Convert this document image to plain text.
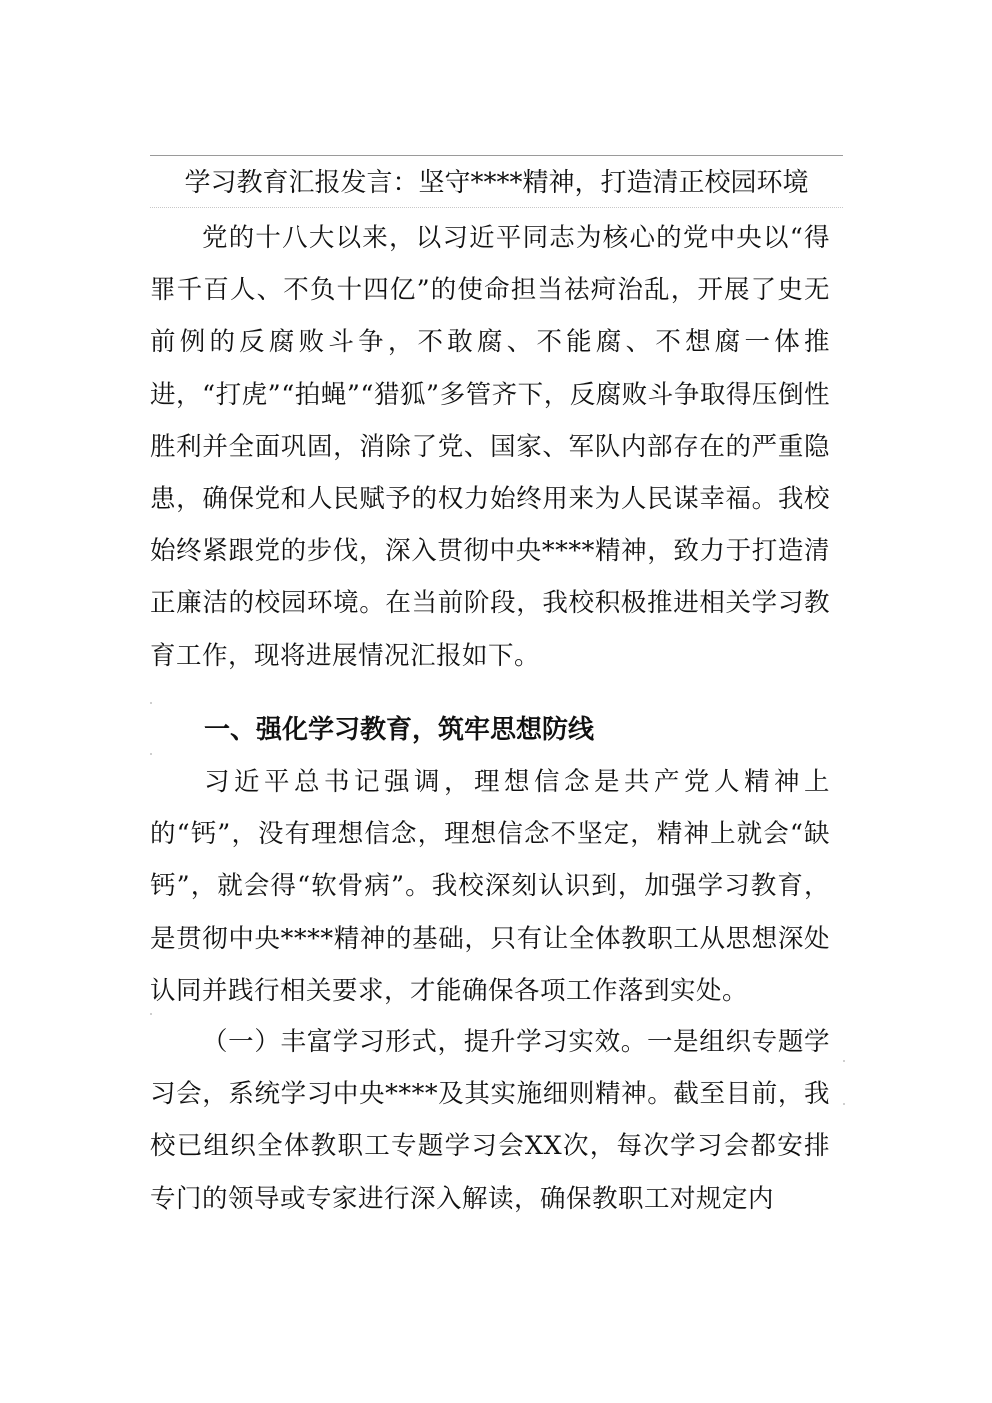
学习教育汇报发言：坚守****精神，打造清正校园环境
党的十八大以来，以习近平同志为核心的党中央以“得罪千百人、不负十四亿”的使命担当祛疴治乱，开展了史无前例的反腐败斗争，不敢腐、不能腐、不想腐一体推进，“打虎”“拍蝇”“猎狐”多管齐下，反腐败斗争取得压倒性胜利并全面巩固，消除了党、国家、军队内部存在的严重隐患，确保党和人民赋予的权力始终用来为人民谋幸福。我校始终紧跟党的步伐，深入贯彻中央****精神，致力于打造清正廉洁的校园环境。在当前阶段，我校积极推进相关学习教育工作，现将进展情况汇报如下。
一、强化学习教育，筑牢思想防线
习近平总书记强调，理想信念是共产党人精神上的“钙”，没有理想信念，理想信念不坚定，精神上就会“缺钙”，就会得“软骨病”。我校深刻认识到，加强学习教育，是贯彻中央****精神的基础，只有让全体教职工从思想深处认同并践行相关要求，才能确保各项工作落到实处。
（一）丰富学习形式，提升学习实效。一是组织专题学习会，系统学习中央****及其实施细则精神。截至目前，我校已组织全体教职工专题学习会XX次，每次学习会都安排专门的领导或专家进行深入解读，确保教职工对规定内
